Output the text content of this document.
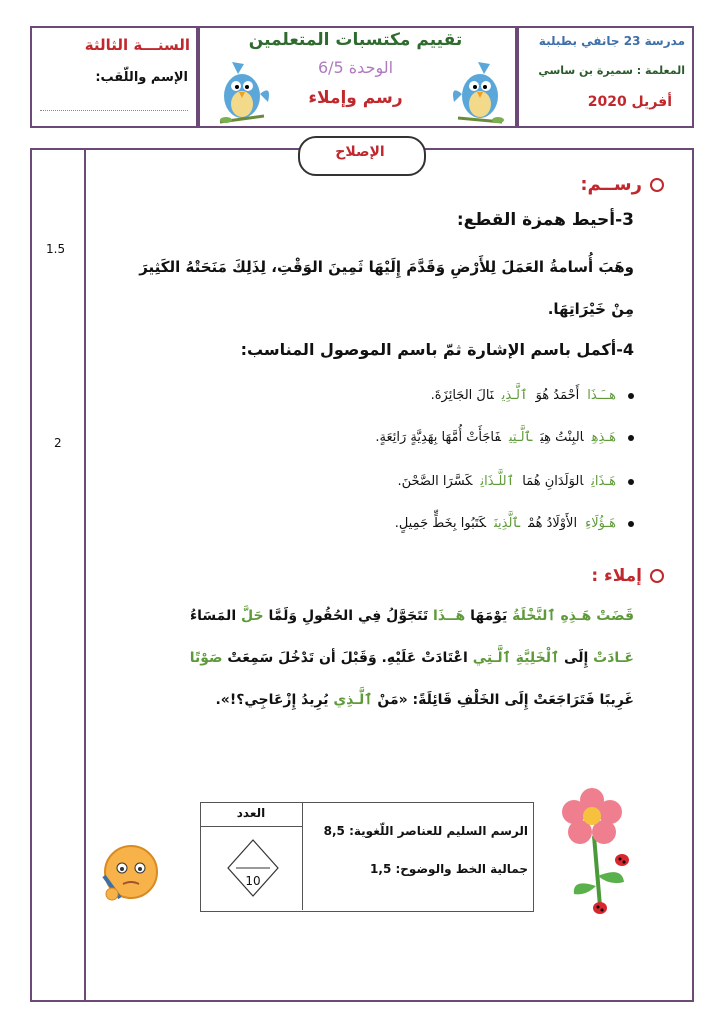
مدرسة 23 جانفي بطبلبة
المعلمة : سميرة بن ساسي
أفريل 2020
تقييم مكتسبات المتعلمين
الوحدة 6/5
رسم وإملاء
السنـــة الثالثة
الإسم واللّقب:
الإصلاح
1.5
2
رســم:
3-أحيط همزة القطع:
وهَبَ أُسامةُ العَمَلَ لِلأَرْضِ وَقَدَّمَ إِلَيْهَا ثَمِينَ الوَقْتِ، لِذَلِكَ مَنَحَتْهُ الكَثِيرَ
مِنْ خَيْرَاتِهَا.
4-أكمل باسم الإشارة ثمّ باسم الموصول المناسب:
هــَـذَاأَحْمَدُ هُوَٱلَّـذِينَالَ الجَائِزَةَ.
هَـذِهِالبِنْتُ هِيَٱلَّـتِيفَاجَأَتْ أُمَّهَا بِهَدِيَّةٍ رَائِعَةٍ.
هَـذَانِالوَلَدَانِ هُمَاٱللَّـذَانِكَسَّرَا الصَّحْنَ.
هَـؤُلَاءِالأَوْلَادُ هُمْٱلَّذِينَكَتَبُوا بِخَطٍّ جَمِيلٍ.
إملاء :
قَضَتْ هَـذِهِ ٱلنَّخْلَةُ يَوْمَهَا هَــذَا تَتَجَوَّلُ فِي الحُقُولِ وَلَمَّا حَلَّ المَسَاءُ
عَـادَتْ إِلَى ٱلْخَلِيَّةِ ٱلَّـتِي اعْتَادَتْ عَلَيْهِ. وَقَبْلَ أن تَدْخُلَ سَمِعَتْ صَوْتًا
غَرِيبًا فَتَرَاجَعَتْ إِلَى الخَلْفِ قَائِلَةً: «مَنْ ٱلَّـذِي يُرِيدُ إِزْعَاجِي؟!».
العدد
10
الرسم السليم للعناصر اللّغوية: 8,5
جمالية الخط والوضوح: 1,5
